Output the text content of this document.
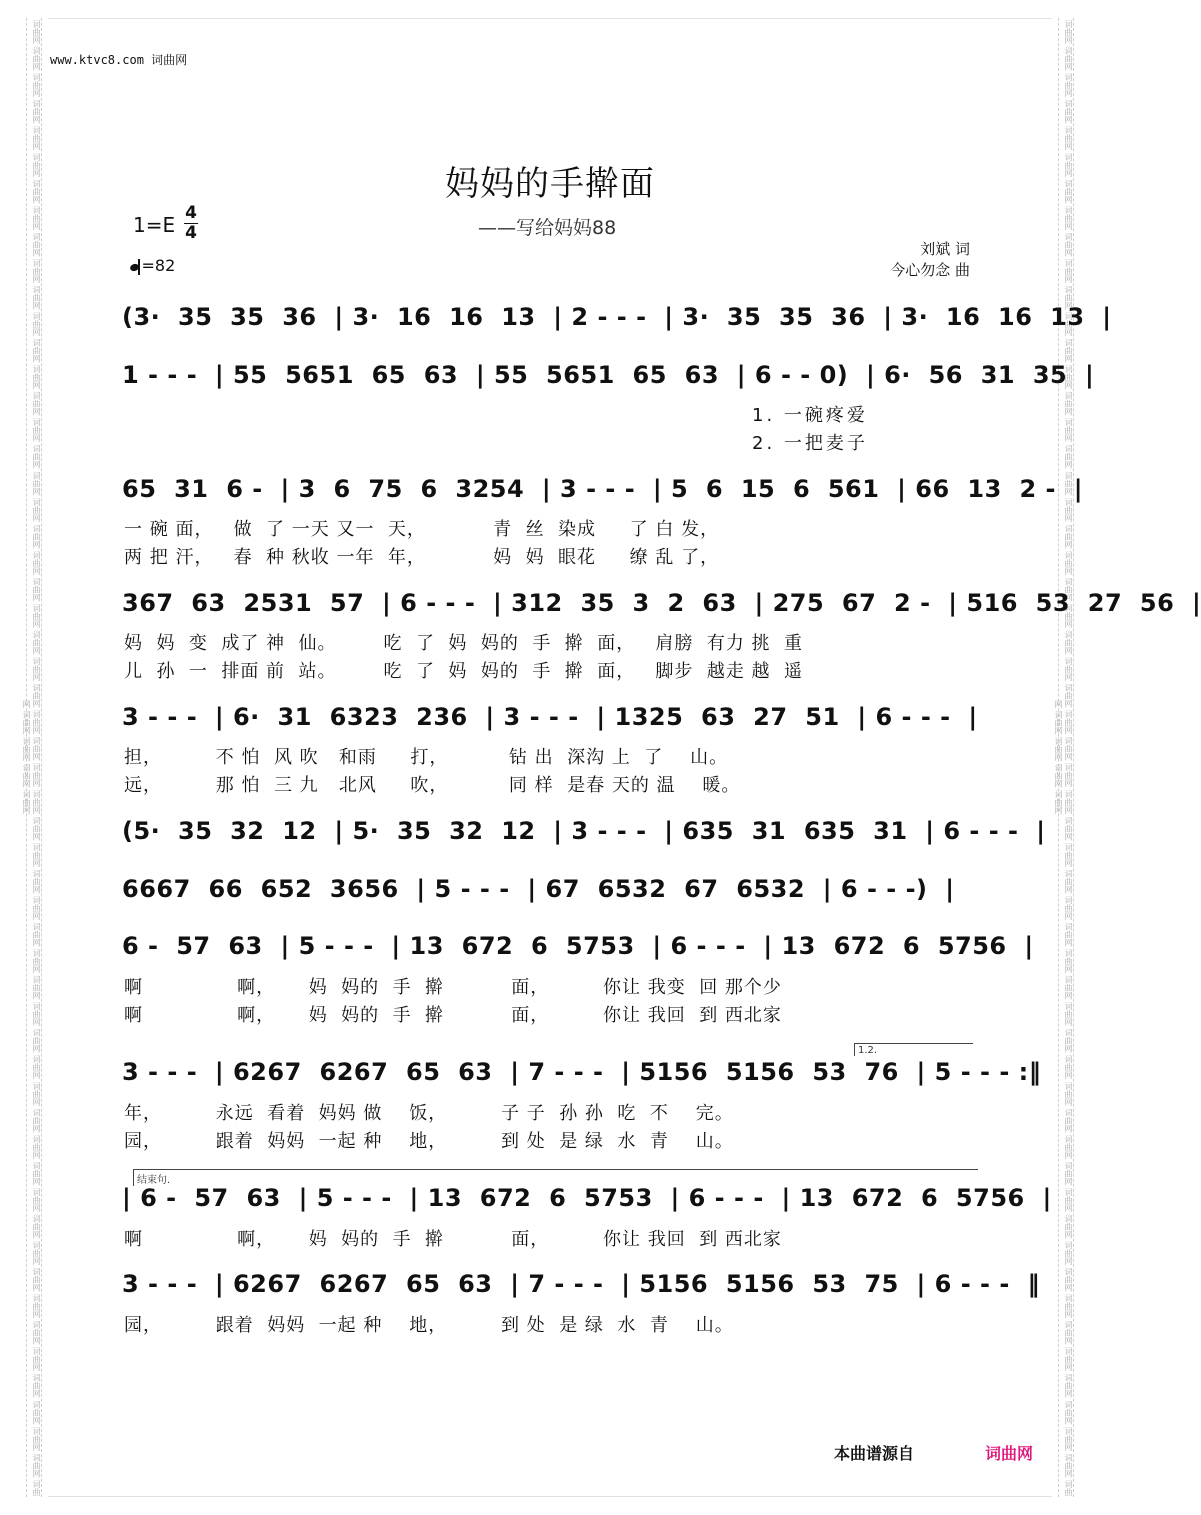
词曲网 词曲网 词曲网 词曲网 词曲网 词曲网 词曲网 词曲网 词曲网 词曲网 词曲网 词曲网 词曲网 词曲网 词曲网 词曲网 词曲网 词曲网 词曲网 词曲网 词曲网 词曲网 词曲网 词曲网 词曲网 词曲网 词曲网 词曲网 词曲网 词曲网 词曲网 词曲网 词曲网 词曲网 词曲网 词曲网 词曲网 词曲网 词曲网 词曲网 词曲网 词曲网 词曲网 词曲网 词曲网 词曲网 词曲网 词曲网 词曲网 词曲网 词曲网 词曲网 词曲网 词曲网 词曲网 词曲网 词曲网 词曲网 词曲网 词曲网	词曲网 词曲网 词曲网 词曲网 词曲网 词曲网 词曲网 词曲网 词曲网 词曲网 词曲网 词曲网 词曲网 词曲网 词曲网 词曲网 词曲网 词曲网 词曲网 词曲网 词曲网 词曲网 词曲网 词曲网 词曲网 词曲网 词曲网 词曲网 词曲网 词曲网 词曲网 词曲网 词曲网 词曲网 词曲网 词曲网 词曲网 词曲网 词曲网 词曲网 词曲网 词曲网 词曲网 词曲网 词曲网 词曲网 词曲网 词曲网 词曲网 词曲网 词曲网 词曲网 词曲网 词曲网 词曲网 词曲网 词曲网 词曲网 词曲网 词曲网
www.ktvc8.com 词曲网
妈妈的手擀面
——写给妈妈88
1=E 4
4
=82
刘斌 词
今心勿念 曲
(3·  35  35  36  | 3·  16  16  13  | 2 - - -  | 3·  35  35  36  | 3·  16  16  13  |
1 - - -  | 55  5651  65  63  | 55  5651  65  63  | 6 - - 0)  | 6·  56  31  35  |
1. 一碗疼爱
2. 一把麦子
65  31  6 -  | 3  6  75  6  3254  | 3 - - -  | 5  6  15  6  561  | 66  13  2 -  |
一 碗 面，   做  了 一天 又一  天，          青  丝  染成     了 白 发，
两 把 汗，   春  种 秋收 一年  年，          妈  妈  眼花     缭 乱 了，
367  63  2531  57  | 6 - - -  | 312  35  3  2  63  | 275  67  2 -  | 516  53  27  56  |
妈  妈  变  成了 神  仙。       吃  了  妈  妈的  手  擀  面，   肩膀  有力 挑  重
儿  孙  一  排面 前  站。       吃  了  妈  妈的  手  擀  面，   脚步  越走 越  遥
3 - - -  | 6·  31  6323  236  | 3 - - -  | 1325  63  27  51  | 6 - - -  |
担，        不 怕  风 吹   和雨     打，         钻 出  深沟 上  了    山。
远，        那 怕  三 九   北风     吹，         同 样  是春 天的 温    暖。
(5·  35  32  12  | 5·  35  32  12  | 3 - - -  | 635  31  635  31  | 6 - - -  |
6667  66  652  3656  | 5 - - -  | 67  6532  67  6532  | 6 - - -)  |
6 -  57  63  | 5 - - -  | 13  672  6  5753  | 6 - - -  | 13  672  6  5756  |
啊              啊，     妈  妈的  手  擀          面，        你让 我变  回 那个少
啊              啊，     妈  妈的  手  擀          面，        你让 我回  到 西北家
1.2.
3 - - -  | 6267  6267  65  63  | 7 - - -  | 5156  5156  53  76  | 5 - - - :‖
年，        永远  看着  妈妈 做    饭，        子 子  孙 孙  吃  不    完。
园，        跟着  妈妈  一起 种    地，        到 处  是 绿  水  青    山。
结束句.
| 6 -  57  63  | 5 - - -  | 13  672  6  5753  | 6 - - -  | 13  672  6  5756  |
啊              啊，     妈  妈的  手  擀          面，        你让 我回  到 西北家
3 - - -  | 6267  6267  65  63  | 7 - - -  | 5156  5156  53  75  | 6 - - -  ‖
园，        跟着  妈妈  一起 种    地，        到 处  是 绿  水  青    山。
本曲谱源自	词曲网
